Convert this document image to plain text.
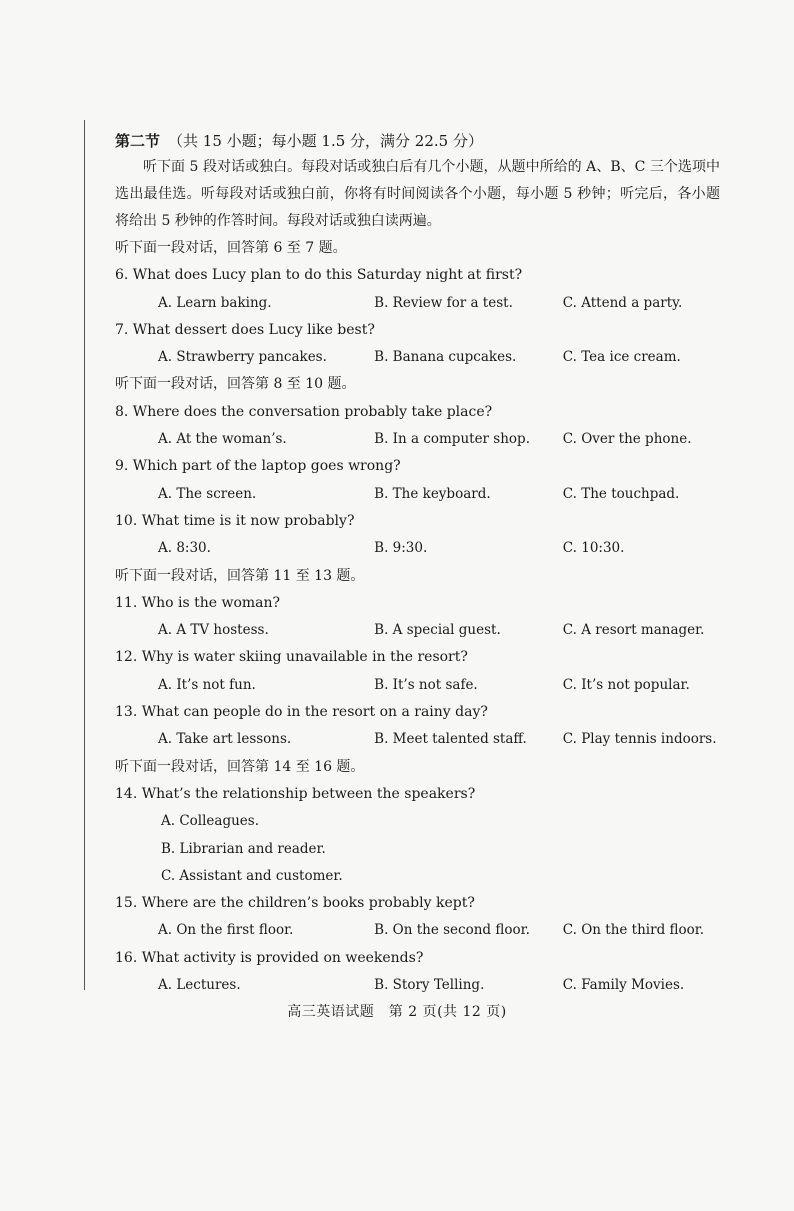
第二节 （共 15 小题；每小题 1.5 分，满分 22.5 分）

听下面 5 段对话或独白。每段对话或独白后有几个小题，从题中所给的 A、B、C 三个选项中选出最佳选。听每段对话或独白前，你将有时间阅读各个小题，每小题 5 秒钟；听完后，各小题将给出 5 秒钟的作答时间。每段对话或独白读两遍。

听下面一段对话，回答第 6 至 7 题。
6. What does Lucy plan to do this Saturday night at first?
A. Learn baking.	B. Review for a test.	C. Attend a party.
7. What dessert does Lucy like best?
A. Strawberry pancakes.	B. Banana cupcakes.	C. Tea ice cream.
听下面一段对话，回答第 8 至 10 题。
8. Where does the conversation probably take place?
A. At the woman’s.	B. In a computer shop.	C. Over the phone.
9. Which part of the laptop goes wrong?
A. The screen.	B. The keyboard.	C. The touchpad.
10. What time is it now probably?
A. 8:30.	B. 9:30.	C. 10:30.
听下面一段对话，回答第 11 至 13 题。
11. Who is the woman?
A. A TV hostess.	B. A special guest.	C. A resort manager.
12. Why is water skiing unavailable in the resort?
A. It’s not fun.	B. It’s not safe.	C. It’s not popular.
13. What can people do in the resort on a rainy day?
A. Take art lessons.	B. Meet talented staff.	C. Play tennis indoors.
听下面一段对话，回答第 14 至 16 题。
14. What’s the relationship between the speakers?
A. Colleagues.
B. Librarian and reader.
C. Assistant and customer.
15. Where are the children’s books probably kept?
A. On the first floor.	B. On the second floor.	C. On the third floor.
16. What activity is provided on weekends?
A. Lectures.	B. Story Telling.	C. Family Movies.
高三英语试题　第 2 页(共 12 页)
